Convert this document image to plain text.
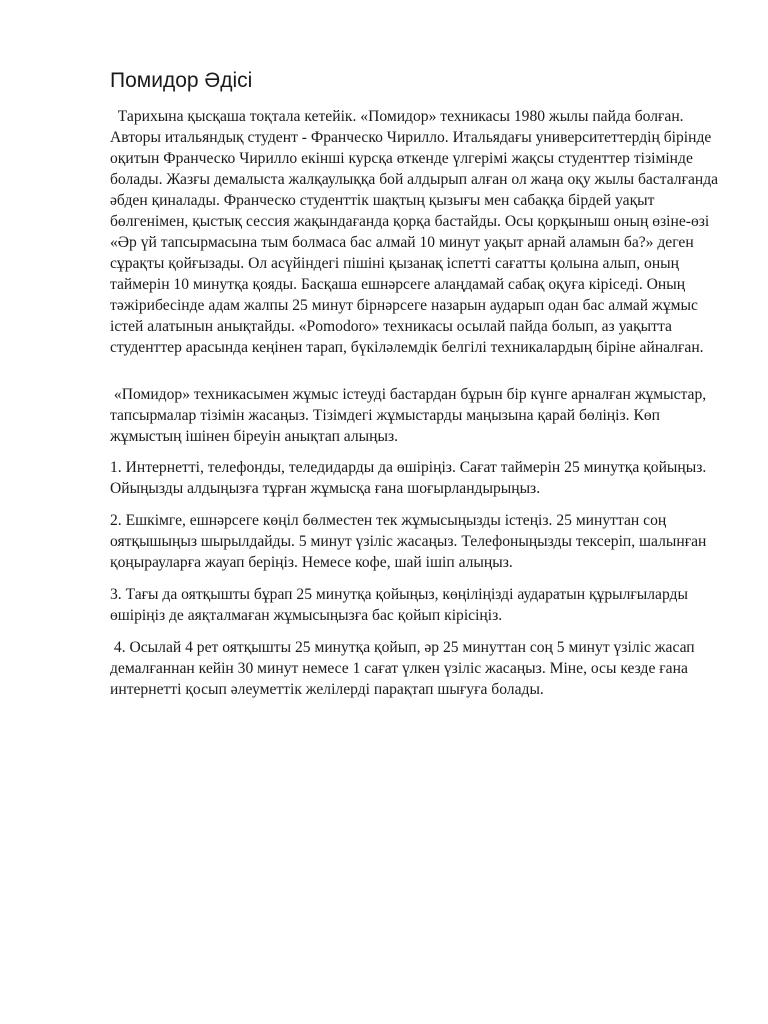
Помидор Әдісі

Тарихына қысқаша тоқтала кетейік. «Помидор» техникасы 1980 жылы пайда болған. Авторы итальяндық студент - Франческо Чирилло. Итальядағы университеттердің бірінде оқитын Франческо Чирилло екінші курсқа өткенде үлгерімі жақсы студенттер тізімінде болады. Жазғы демалыста жалқаулыққа бой алдырып алған ол жаңа оқу жылы басталғанда әбден қиналады. Франческо студенттік шақтың қызығы мен сабаққа бірдей уақыт бөлгенімен, қыстық сессия жақындағанда қорқа бастайды. Осы қорқыныш оның өзіне-өзі «Әр үй тапсырмасына тым болмаса бас алмай 10 минут уақыт арнай аламын ба?» деген сұрақты қойғызады. Ол асүйіндегі пішіні қызанақ іспетті сағатты қолына алып, оның таймерін 10 минутқа қояды. Басқаша ешнәрсеге алаңдамай сабақ оқуға кіріседі. Оның тәжірибесінде адам жалпы 25 минут бірнәрсеге назарын аударып одан бас алмай жұмыс істей алатынын анықтайды. «Pomodoro» техникасы осылай пайда болып, аз уақытта студенттер арасында кеңінен тарап, бүкіләлемдік белгілі техникалардың біріне айналған.

«Помидор» техникасымен жұмыс істеуді бастардан бұрын бір күнге арналған жұмыстар, тапсырмалар тізімін жасаңыз. Тізімдегі жұмыстарды маңызына қарай бөліңіз. Көп жұмыстың ішінен біреуін анықтап алыңыз.

1. Интернетті, телефонды, теледидарды да өшіріңіз. Сағат таймерін 25 минутқа қойыңыз. Ойыңызды алдыңызға тұрған жұмысқа ғана шоғырландырыңыз.

2. Ешкімге, ешнәрсеге көңіл бөлместен тек жұмысыңызды істеңіз. 25 минуттан соң оятқышыңыз шырылдайды. 5 минут үзіліс жасаңыз. Телефоныңызды тексеріп, шалынған қоңырауларға жауап беріңіз. Немесе кофе, шай ішіп алыңыз.

3. Тағы да оятқышты бұрап 25 минутқа қойыңыз, көңіліңізді аударатын құрылғыларды өшіріңіз де аяқталмаған жұмысыңызға бас қойып кірісіңіз.

4. Осылай 4 рет оятқышты 25 минутқа қойып, әр 25 минуттан соң 5 минут үзіліс жасап демалғаннан кейін 30 минут немесе 1 сағат үлкен үзіліс жасаңыз. Міне, осы кезде ғана интернетті қосып әлеуметтік желілерді парақтап шығуға болады.
